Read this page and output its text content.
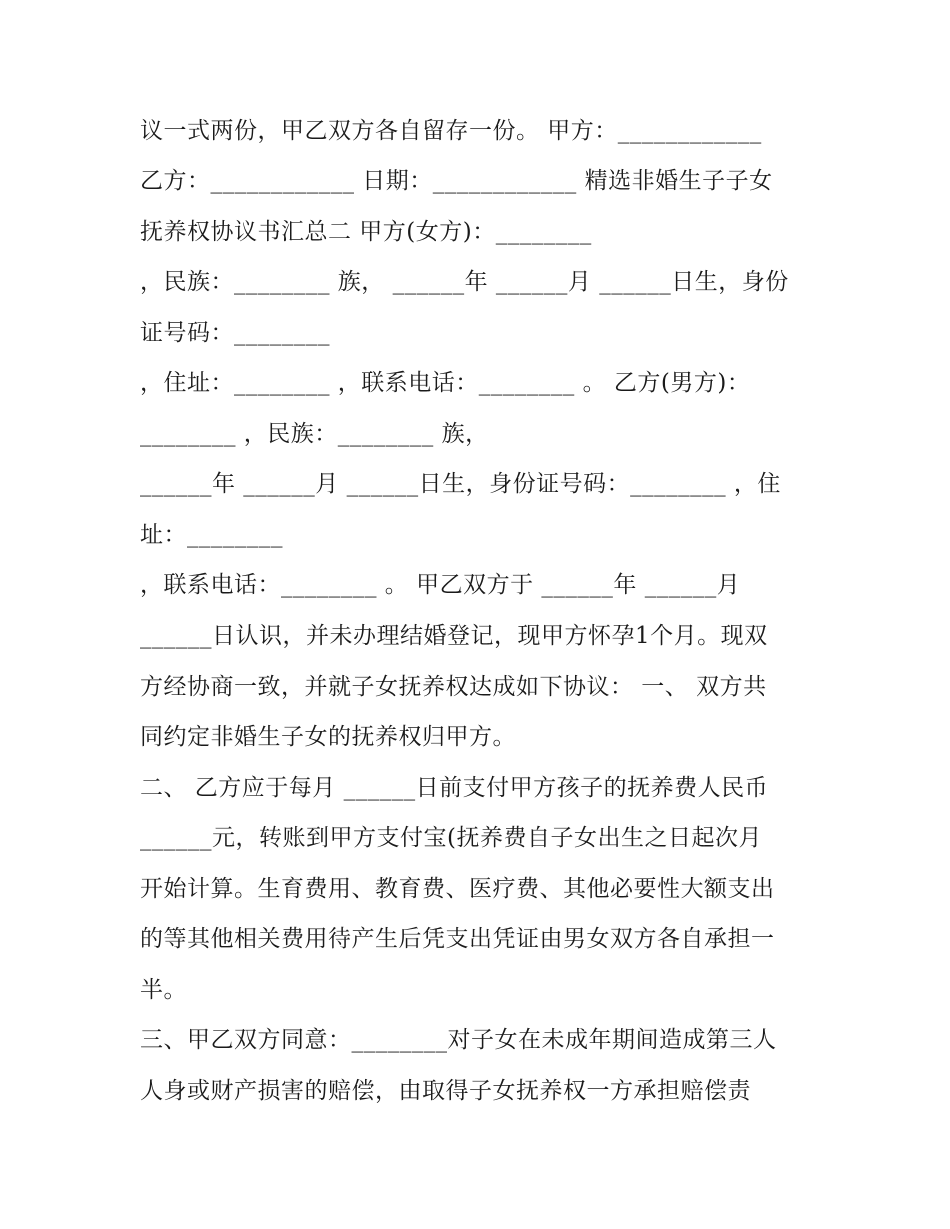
议一式两份，甲乙双方各自留存一份。 甲方：____________
乙方：____________ 日期：____________ 精选非婚生子子女
抚养权协议书汇总二 甲方(女方)：________
，民族：________ 族， ______年 ______月 ______日生，身份
证号码：________
，住址：________ ，联系电话：________ 。 乙方(男方)：
________ ，民族：________ 族，
______年 ______月 ______日生，身份证号码：________ ，住
址：________
，联系电话：________ 。 甲乙双方于 ______年 ______月
______日认识，并未办理结婚登记，现甲方怀孕1个月。现双
方经协商一致，并就子女抚养权达成如下协议： 一、 双方共
同约定非婚生子女的抚养权归甲方。
二、 乙方应于每月 ______日前支付甲方孩子的抚养费人民币
______元，转账到甲方支付宝(抚养费自子女出生之日起次月
开始计算。生育费用、教育费、医疗费、其他必要性大额支出
的等其他相关费用待产生后凭支出凭证由男女双方各自承担一
半。
三、甲乙双方同意：________对子女在未成年期间造成第三人
人身或财产损害的赔偿，由取得子女抚养权一方承担赔偿责
